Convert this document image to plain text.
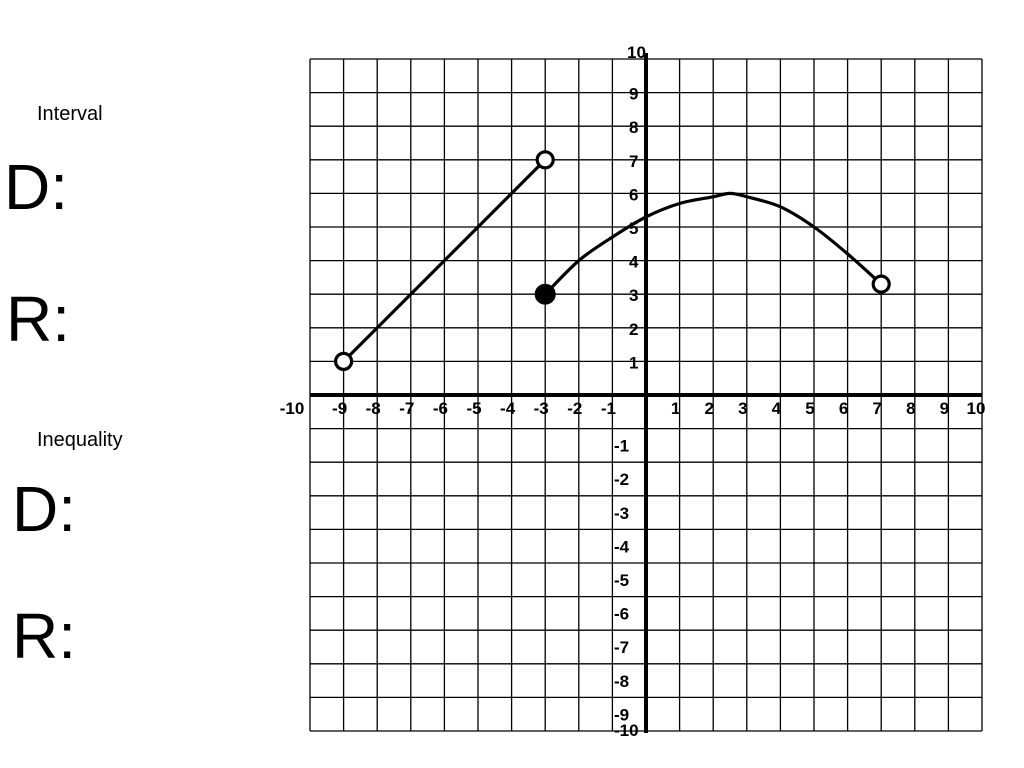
Interval
D:
R:
Inequality
D:
R:
-10 -9 -8 -7 -6 -5 -4 -3 -2 -1	1 2 3 4 5 6 7 8 9 10
10
9
8
7
6
5
4
3
2
1
-1
-2
-3
-4
-5
-6
-7
-8
-9
-10
